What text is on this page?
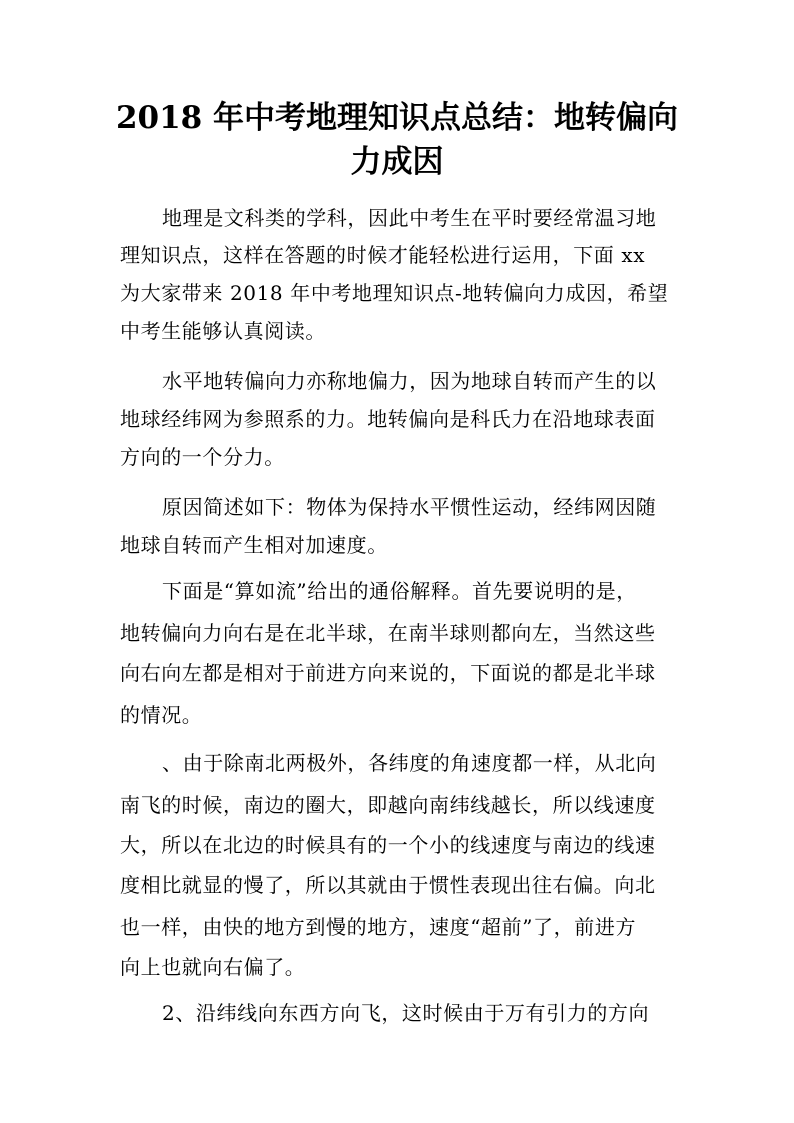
2018 年中考地理知识点总结：地转偏向
力成因
地理是文科类的学科，因此中考生在平时要经常温习地
理知识点，这样在答题的时候才能轻松进行运用，下面 xx
为大家带来 2018 年中考地理知识点-地转偏向力成因，希望
中考生能够认真阅读。
水平地转偏向力亦称地偏力，因为地球自转而产生的以
地球经纬网为参照系的力。地转偏向是科氏力在沿地球表面
方向的一个分力。
原因简述如下：物体为保持水平惯性运动，经纬网因随
地球自转而产生相对加速度。
下面是“算如流”给出的通俗解释。首先要说明的是，
地转偏向力向右是在北半球，在南半球则都向左，当然这些
向右向左都是相对于前进方向来说的，下面说的都是北半球
的情况。
、由于除南北两极外，各纬度的角速度都一样，从北向
南飞的时候，南边的圈大，即越向南纬线越长，所以线速度
大，所以在北边的时候具有的一个小的线速度与南边的线速
度相比就显的慢了，所以其就由于惯性表现出往右偏。向北
也一样，由快的地方到慢的地方，速度“超前”了，前进方
向上也就向右偏了。
2、沿纬线向东西方向飞，这时候由于万有引力的方向
